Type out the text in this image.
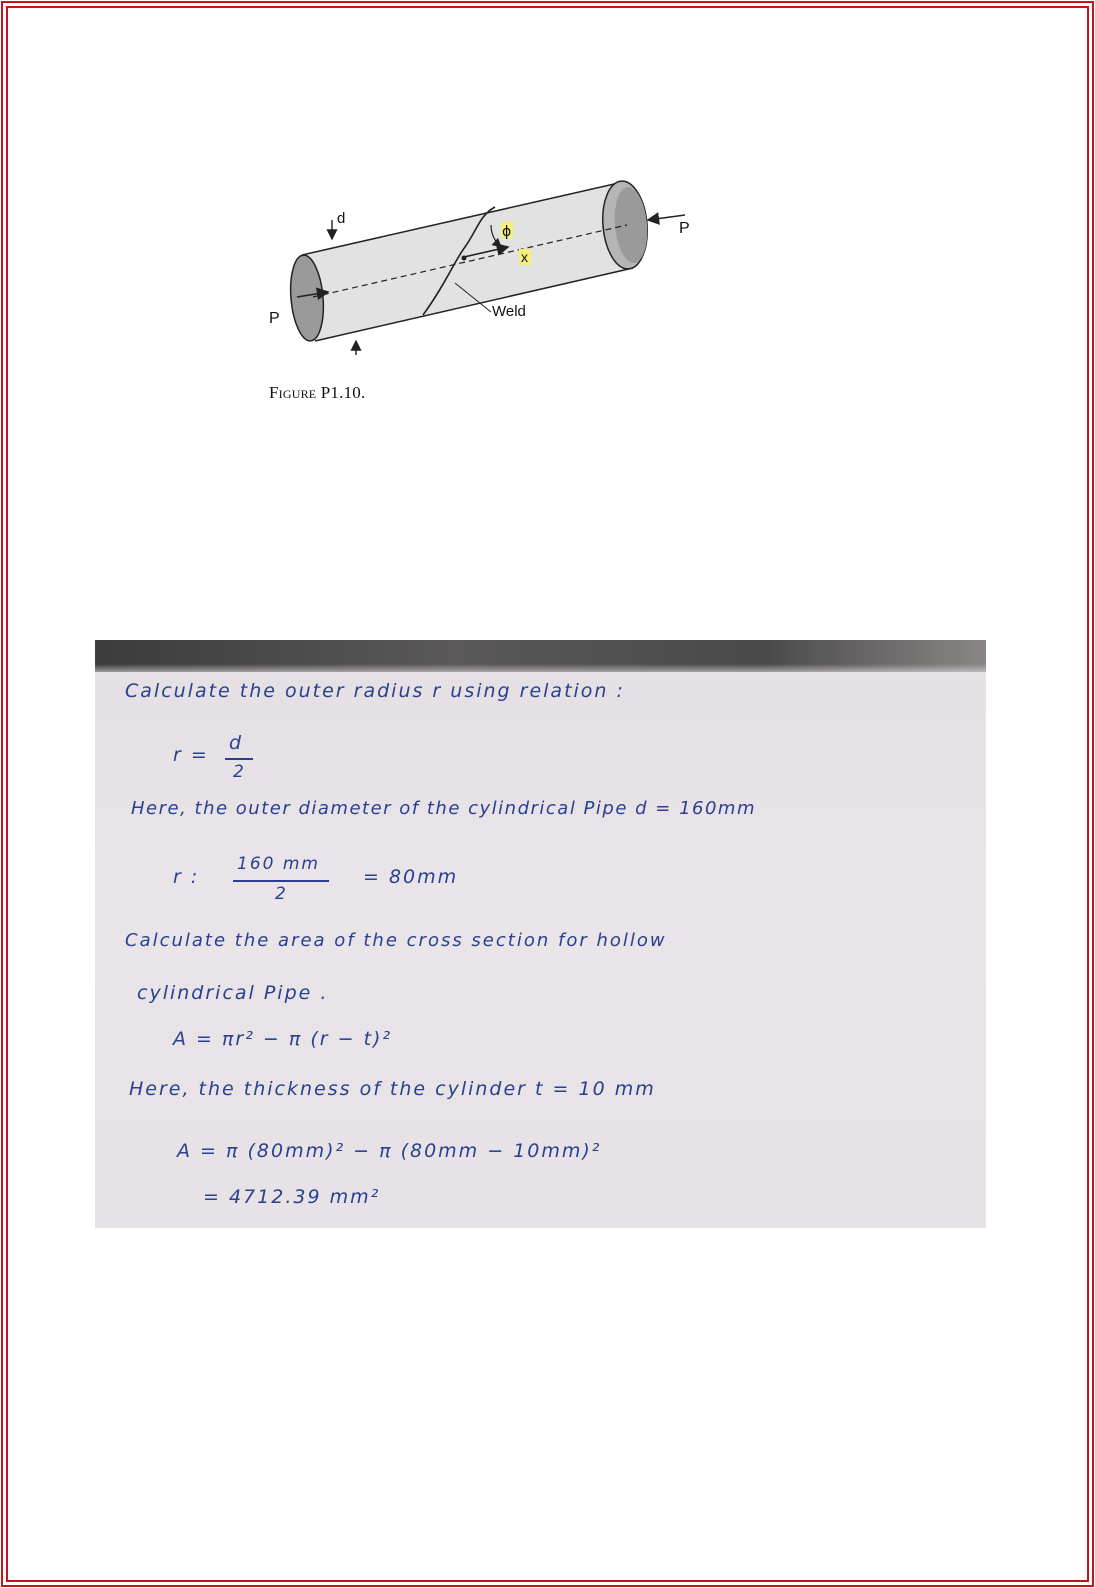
d
P
P
ϕ
x
Weld
Figure P1.10.
Calculate the outer radius r using relation :
r =
d
2
Here, the outer diameter of the cylindrical Pipe d = 160mm
r :
160 mm
2
= 80mm
Calculate the area of the cross section for hollow
cylindrical Pipe .
A = πr² − π (r − t)²
Here, the thickness of the cylinder t = 10 mm
A = π (80mm)² − π (80mm − 10mm)²
= 4712.39 mm²
